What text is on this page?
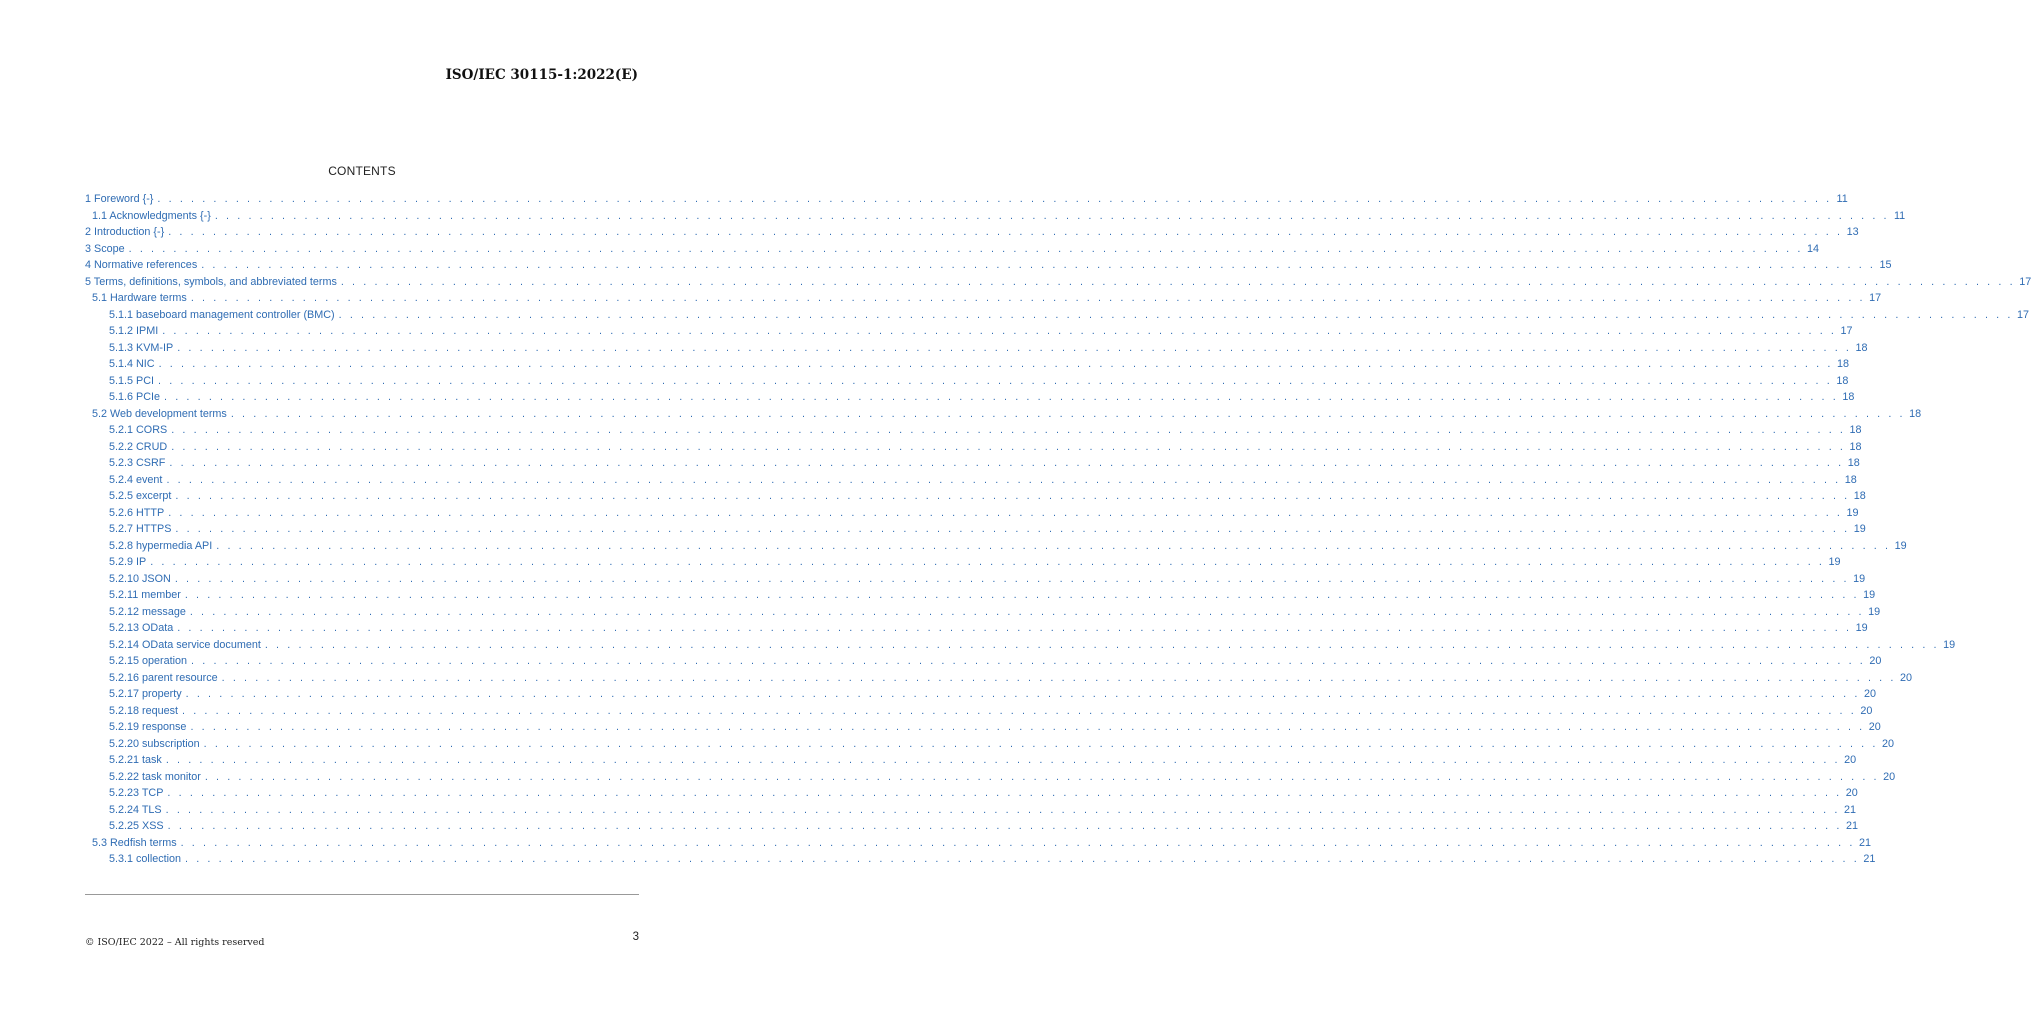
ISO/IEC 30115-1:2022(E)
CONTENTS
1 Foreword {-} . . . . . . . . . . . . . . . . . . . . . . . . . . . . . . . . . . . . . . . . . . . . . . . . . . . . . . . . . . . . . . . . . . . . . . . . . . . . . . . . . . . . . . . . . . . . . . . . . . . . . . . . . . . . . . . . . . . . . . . . . . . . . . . . . . . . . . . . . . . . . . . . . . . . . . 11
1.1 Acknowledgments {-} . . . . . . . . . . . . . . . . . . . . . . . . . . . . . . . . . . . . . . . . . . . . . . . . . . . . . . . . . . . . . . . . . . . . . . . . . . . . . . . . . . . . . . . . . . . . . . . . . . . . . . . . . . . . . . . . . . . . . . . . . . . . . . . . . . . . . . . . . . . . . . . . . . . . . . 11
2 Introduction {-} . . . . . . . . . . . . . . . . . . . . . . . . . . . . . . . . . . . . . . . . . . . . . . . . . . . . . . . . . . . . . . . . . . . . . . . . . . . . . . . . . . . . . . . . . . . . . . . . . . . . . . . . . . . . . . . . . . . . . . . . . . . . . . . . . . . . . . . . . . . . . . . . . . . . . . 13
3 Scope . . . . . . . . . . . . . . . . . . . . . . . . . . . . . . . . . . . . . . . . . . . . . . . . . . . . . . . . . . . . . . . . . . . . . . . . . . . . . . . . . . . . . . . . . . . . . . . . . . . . . . . . . . . . . . . . . . . . . . . . . . . . . . . . . . . . . . . . . . . . . . . . . . . . . . 14
4 Normative references . . . . . . . . . . . . . . . . . . . . . . . . . . . . . . . . . . . . . . . . . . . . . . . . . . . . . . . . . . . . . . . . . . . . . . . . . . . . . . . . . . . . . . . . . . . . . . . . . . . . . . . . . . . . . . . . . . . . . . . . . . . . . . . . . . . . . . . . . . . . . . . . . . . . . . 15
5 Terms, definitions, symbols, and abbreviated terms . . . . . . . . . . . . . . . . . . . . . . . . . . . . . . . . . . . . . . . . . . . . . . . . . . . . . . . . . . . . . . . . . . . . . . . . . . . . . . . . . . . . . . . . . . . . . . . . . . . . . . . . . . . . . . . . . . . . . . . . . . . . . . . . . . . . . . . . . . . . . . . . . . . . . . 17
5.1 Hardware terms . . . . . . . . . . . . . . . . . . . . . . . . . . . . . . . . . . . . . . . . . . . . . . . . . . . . . . . . . . . . . . . . . . . . . . . . . . . . . . . . . . . . . . . . . . . . . . . . . . . . . . . . . . . . . . . . . . . . . . . . . . . . . . . . . . . . . . . . . . . . . . . . . . . . . . 17
5.1.1 baseboard management controller (BMC) . . . . . . . . . . . . . . . . . . . . . . . . . . . . . . . . . . . . . . . . . . . . . . . . . . . . . . . . . . . . . . . . . . . . . . . . . . . . . . . . . . . . . . . . . . . . . . . . . . . . . . . . . . . . . . . . . . . . . . . . . . . . . . . . . . . . . . . . . . . . . . . . . . . . . . 17
5.1.2 IPMI . . . . . . . . . . . . . . . . . . . . . . . . . . . . . . . . . . . . . . . . . . . . . . . . . . . . . . . . . . . . . . . . . . . . . . . . . . . . . . . . . . . . . . . . . . . . . . . . . . . . . . . . . . . . . . . . . . . . . . . . . . . . . . . . . . . . . . . . . . . . . . . . . . . . . . 17
5.1.3 KVM-IP . . . . . . . . . . . . . . . . . . . . . . . . . . . . . . . . . . . . . . . . . . . . . . . . . . . . . . . . . . . . . . . . . . . . . . . . . . . . . . . . . . . . . . . . . . . . . . . . . . . . . . . . . . . . . . . . . . . . . . . . . . . . . . . . . . . . . . . . . . . . . . . . . . . . . . 18
5.1.4 NIC . . . . . . . . . . . . . . . . . . . . . . . . . . . . . . . . . . . . . . . . . . . . . . . . . . . . . . . . . . . . . . . . . . . . . . . . . . . . . . . . . . . . . . . . . . . . . . . . . . . . . . . . . . . . . . . . . . . . . . . . . . . . . . . . . . . . . . . . . . . . . . . . . . . . . . 18
5.1.5 PCI . . . . . . . . . . . . . . . . . . . . . . . . . . . . . . . . . . . . . . . . . . . . . . . . . . . . . . . . . . . . . . . . . . . . . . . . . . . . . . . . . . . . . . . . . . . . . . . . . . . . . . . . . . . . . . . . . . . . . . . . . . . . . . . . . . . . . . . . . . . . . . . . . . . . . . 18
5.1.6 PCIe . . . . . . . . . . . . . . . . . . . . . . . . . . . . . . . . . . . . . . . . . . . . . . . . . . . . . . . . . . . . . . . . . . . . . . . . . . . . . . . . . . . . . . . . . . . . . . . . . . . . . . . . . . . . . . . . . . . . . . . . . . . . . . . . . . . . . . . . . . . . . . . . . . . . . . 18
5.2 Web development terms . . . . . . . . . . . . . . . . . . . . . . . . . . . . . . . . . . . . . . . . . . . . . . . . . . . . . . . . . . . . . . . . . . . . . . . . . . . . . . . . . . . . . . . . . . . . . . . . . . . . . . . . . . . . . . . . . . . . . . . . . . . . . . . . . . . . . . . . . . . . . . . . . . . . . . 18
5.2.1 CORS . . . . . . . . . . . . . . . . . . . . . . . . . . . . . . . . . . . . . . . . . . . . . . . . . . . . . . . . . . . . . . . . . . . . . . . . . . . . . . . . . . . . . . . . . . . . . . . . . . . . . . . . . . . . . . . . . . . . . . . . . . . . . . . . . . . . . . . . . . . . . . . . . . . . . . 18
5.2.2 CRUD . . . . . . . . . . . . . . . . . . . . . . . . . . . . . . . . . . . . . . . . . . . . . . . . . . . . . . . . . . . . . . . . . . . . . . . . . . . . . . . . . . . . . . . . . . . . . . . . . . . . . . . . . . . . . . . . . . . . . . . . . . . . . . . . . . . . . . . . . . . . . . . . . . . . . . 18
5.2.3 CSRF . . . . . . . . . . . . . . . . . . . . . . . . . . . . . . . . . . . . . . . . . . . . . . . . . . . . . . . . . . . . . . . . . . . . . . . . . . . . . . . . . . . . . . . . . . . . . . . . . . . . . . . . . . . . . . . . . . . . . . . . . . . . . . . . . . . . . . . . . . . . . . . . . . . . . . 18
5.2.4 event . . . . . . . . . . . . . . . . . . . . . . . . . . . . . . . . . . . . . . . . . . . . . . . . . . . . . . . . . . . . . . . . . . . . . . . . . . . . . . . . . . . . . . . . . . . . . . . . . . . . . . . . . . . . . . . . . . . . . . . . . . . . . . . . . . . . . . . . . . . . . . . . . . . . . . 18
5.2.5 excerpt . . . . . . . . . . . . . . . . . . . . . . . . . . . . . . . . . . . . . . . . . . . . . . . . . . . . . . . . . . . . . . . . . . . . . . . . . . . . . . . . . . . . . . . . . . . . . . . . . . . . . . . . . . . . . . . . . . . . . . . . . . . . . . . . . . . . . . . . . . . . . . . . . . . . . . 18
5.2.6 HTTP . . . . . . . . . . . . . . . . . . . . . . . . . . . . . . . . . . . . . . . . . . . . . . . . . . . . . . . . . . . . . . . . . . . . . . . . . . . . . . . . . . . . . . . . . . . . . . . . . . . . . . . . . . . . . . . . . . . . . . . . . . . . . . . . . . . . . . . . . . . . . . . . . . . . . . 19
5.2.7 HTTPS . . . . . . . . . . . . . . . . . . . . . . . . . . . . . . . . . . . . . . . . . . . . . . . . . . . . . . . . . . . . . . . . . . . . . . . . . . . . . . . . . . . . . . . . . . . . . . . . . . . . . . . . . . . . . . . . . . . . . . . . . . . . . . . . . . . . . . . . . . . . . . . . . . . . . . 19
5.2.8 hypermedia API . . . . . . . . . . . . . . . . . . . . . . . . . . . . . . . . . . . . . . . . . . . . . . . . . . . . . . . . . . . . . . . . . . . . . . . . . . . . . . . . . . . . . . . . . . . . . . . . . . . . . . . . . . . . . . . . . . . . . . . . . . . . . . . . . . . . . . . . . . . . . . . . . . . . . . 19
5.2.9 IP . . . . . . . . . . . . . . . . . . . . . . . . . . . . . . . . . . . . . . . . . . . . . . . . . . . . . . . . . . . . . . . . . . . . . . . . . . . . . . . . . . . . . . . . . . . . . . . . . . . . . . . . . . . . . . . . . . . . . . . . . . . . . . . . . . . . . . . . . . . . . . . . . . . . . . 19
5.2.10 JSON . . . . . . . . . . . . . . . . . . . . . . . . . . . . . . . . . . . . . . . . . . . . . . . . . . . . . . . . . . . . . . . . . . . . . . . . . . . . . . . . . . . . . . . . . . . . . . . . . . . . . . . . . . . . . . . . . . . . . . . . . . . . . . . . . . . . . . . . . . . . . . . . . . . . . . 19
5.2.11 member . . . . . . . . . . . . . . . . . . . . . . . . . . . . . . . . . . . . . . . . . . . . . . . . . . . . . . . . . . . . . . . . . . . . . . . . . . . . . . . . . . . . . . . . . . . . . . . . . . . . . . . . . . . . . . . . . . . . . . . . . . . . . . . . . . . . . . . . . . . . . . . . . . . . . . 19
5.2.12 message . . . . . . . . . . . . . . . . . . . . . . . . . . . . . . . . . . . . . . . . . . . . . . . . . . . . . . . . . . . . . . . . . . . . . . . . . . . . . . . . . . . . . . . . . . . . . . . . . . . . . . . . . . . . . . . . . . . . . . . . . . . . . . . . . . . . . . . . . . . . . . . . . . . . . . 19
5.2.13 OData . . . . . . . . . . . . . . . . . . . . . . . . . . . . . . . . . . . . . . . . . . . . . . . . . . . . . . . . . . . . . . . . . . . . . . . . . . . . . . . . . . . . . . . . . . . . . . . . . . . . . . . . . . . . . . . . . . . . . . . . . . . . . . . . . . . . . . . . . . . . . . . . . . . . . . 19
5.2.14 OData service document . . . . . . . . . . . . . . . . . . . . . . . . . . . . . . . . . . . . . . . . . . . . . . . . . . . . . . . . . . . . . . . . . . . . . . . . . . . . . . . . . . . . . . . . . . . . . . . . . . . . . . . . . . . . . . . . . . . . . . . . . . . . . . . . . . . . . . . . . . . . . . . . . . . . . . 19
5.2.15 operation . . . . . . . . . . . . . . . . . . . . . . . . . . . . . . . . . . . . . . . . . . . . . . . . . . . . . . . . . . . . . . . . . . . . . . . . . . . . . . . . . . . . . . . . . . . . . . . . . . . . . . . . . . . . . . . . . . . . . . . . . . . . . . . . . . . . . . . . . . . . . . . . . . . . . . 20
5.2.16 parent resource . . . . . . . . . . . . . . . . . . . . . . . . . . . . . . . . . . . . . . . . . . . . . . . . . . . . . . . . . . . . . . . . . . . . . . . . . . . . . . . . . . . . . . . . . . . . . . . . . . . . . . . . . . . . . . . . . . . . . . . . . . . . . . . . . . . . . . . . . . . . . . . . . . . . . . 20
5.2.17 property . . . . . . . . . . . . . . . . . . . . . . . . . . . . . . . . . . . . . . . . . . . . . . . . . . . . . . . . . . . . . . . . . . . . . . . . . . . . . . . . . . . . . . . . . . . . . . . . . . . . . . . . . . . . . . . . . . . . . . . . . . . . . . . . . . . . . . . . . . . . . . . . . . . . . . 20
5.2.18 request . . . . . . . . . . . . . . . . . . . . . . . . . . . . . . . . . . . . . . . . . . . . . . . . . . . . . . . . . . . . . . . . . . . . . . . . . . . . . . . . . . . . . . . . . . . . . . . . . . . . . . . . . . . . . . . . . . . . . . . . . . . . . . . . . . . . . . . . . . . . . . . . . . . . . . 20
5.2.19 response . . . . . . . . . . . . . . . . . . . . . . . . . . . . . . . . . . . . . . . . . . . . . . . . . . . . . . . . . . . . . . . . . . . . . . . . . . . . . . . . . . . . . . . . . . . . . . . . . . . . . . . . . . . . . . . . . . . . . . . . . . . . . . . . . . . . . . . . . . . . . . . . . . . . . . 20
5.2.20 subscription . . . . . . . . . . . . . . . . . . . . . . . . . . . . . . . . . . . . . . . . . . . . . . . . . . . . . . . . . . . . . . . . . . . . . . . . . . . . . . . . . . . . . . . . . . . . . . . . . . . . . . . . . . . . . . . . . . . . . . . . . . . . . . . . . . . . . . . . . . . . . . . . . . . . . . 20
5.2.21 task . . . . . . . . . . . . . . . . . . . . . . . . . . . . . . . . . . . . . . . . . . . . . . . . . . . . . . . . . . . . . . . . . . . . . . . . . . . . . . . . . . . . . . . . . . . . . . . . . . . . . . . . . . . . . . . . . . . . . . . . . . . . . . . . . . . . . . . . . . . . . . . . . . . . . . 20
5.2.22 task monitor . . . . . . . . . . . . . . . . . . . . . . . . . . . . . . . . . . . . . . . . . . . . . . . . . . . . . . . . . . . . . . . . . . . . . . . . . . . . . . . . . . . . . . . . . . . . . . . . . . . . . . . . . . . . . . . . . . . . . . . . . . . . . . . . . . . . . . . . . . . . . . . . . . . . . . 20
5.2.23 TCP . . . . . . . . . . . . . . . . . . . . . . . . . . . . . . . . . . . . . . . . . . . . . . . . . . . . . . . . . . . . . . . . . . . . . . . . . . . . . . . . . . . . . . . . . . . . . . . . . . . . . . . . . . . . . . . . . . . . . . . . . . . . . . . . . . . . . . . . . . . . . . . . . . . . . . 20
5.2.24 TLS . . . . . . . . . . . . . . . . . . . . . . . . . . . . . . . . . . . . . . . . . . . . . . . . . . . . . . . . . . . . . . . . . . . . . . . . . . . . . . . . . . . . . . . . . . . . . . . . . . . . . . . . . . . . . . . . . . . . . . . . . . . . . . . . . . . . . . . . . . . . . . . . . . . . . . 21
5.2.25 XSS . . . . . . . . . . . . . . . . . . . . . . . . . . . . . . . . . . . . . . . . . . . . . . . . . . . . . . . . . . . . . . . . . . . . . . . . . . . . . . . . . . . . . . . . . . . . . . . . . . . . . . . . . . . . . . . . . . . . . . . . . . . . . . . . . . . . . . . . . . . . . . . . . . . . . . 21
5.3 Redfish terms . . . . . . . . . . . . . . . . . . . . . . . . . . . . . . . . . . . . . . . . . . . . . . . . . . . . . . . . . . . . . . . . . . . . . . . . . . . . . . . . . . . . . . . . . . . . . . . . . . . . . . . . . . . . . . . . . . . . . . . . . . . . . . . . . . . . . . . . . . . . . . . . . . . . . . 21
5.3.1 collection . . . . . . . . . . . . . . . . . . . . . . . . . . . . . . . . . . . . . . . . . . . . . . . . . . . . . . . . . . . . . . . . . . . . . . . . . . . . . . . . . . . . . . . . . . . . . . . . . . . . . . . . . . . . . . . . . . . . . . . . . . . . . . . . . . . . . . . . . . . . . . . . . . . . . . 21
3
© ISO/IEC 2022 – All rights reserved
